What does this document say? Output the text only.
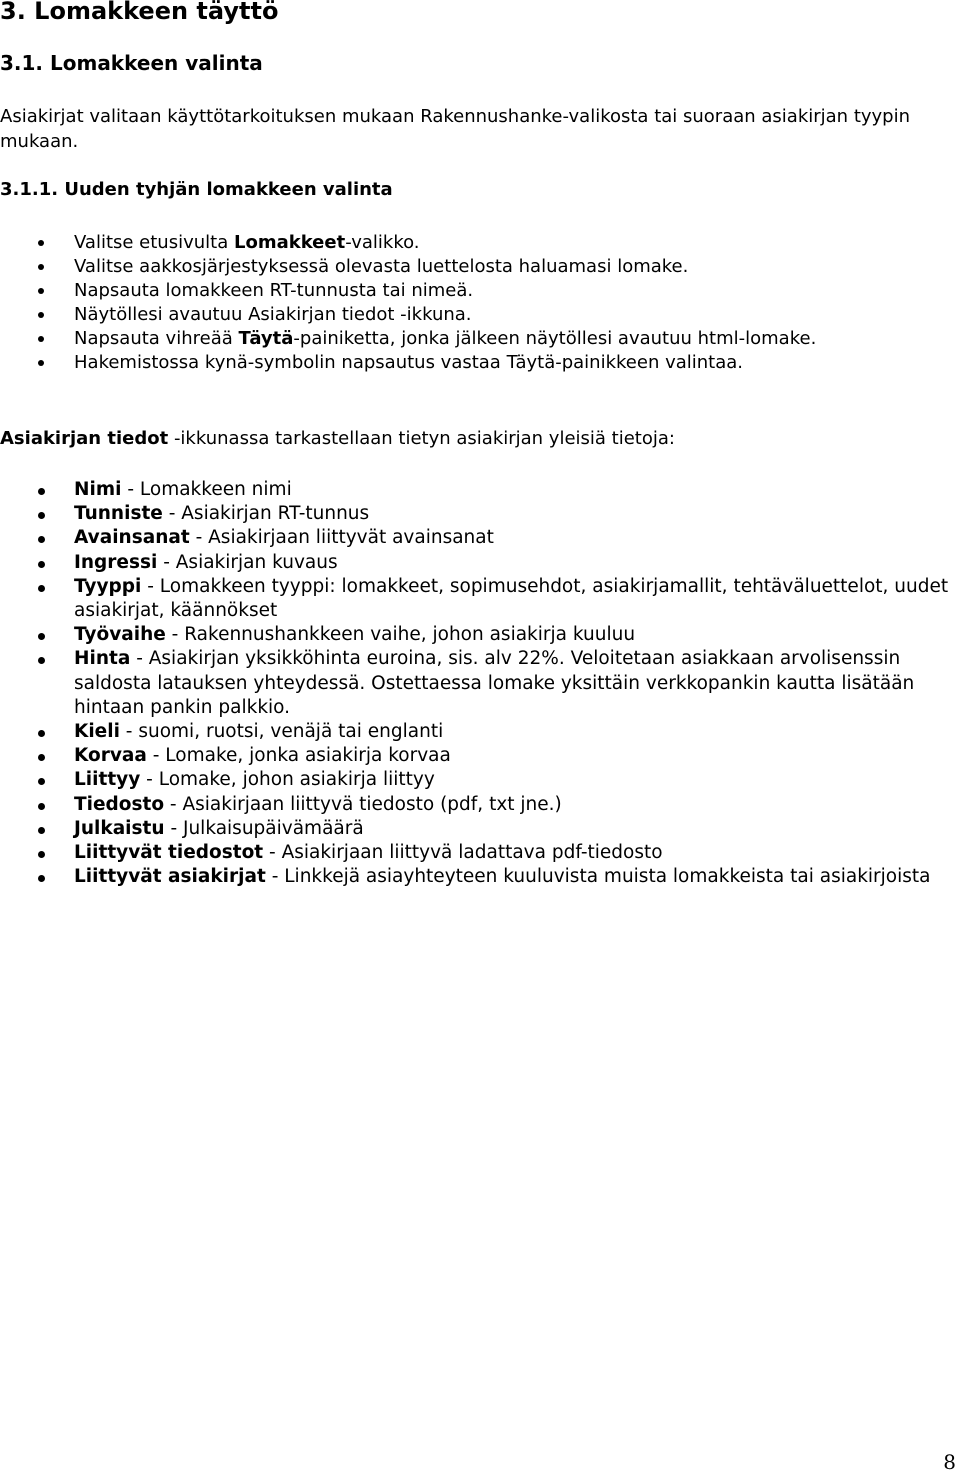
3. Lomakkeen täyttö
3.1. Lomakkeen valinta
Asiakirjat valitaan käyttötarkoituksen mukaan Rakennushanke-valikosta tai suoraan asiakirjan tyypin mukaan.
3.1.1. Uuden tyhjän lomakkeen valinta
Valitse etusivulta Lomakkeet-valikko.
Valitse aakkosjärjestyksessä olevasta luettelosta haluamasi lomake.
Napsauta lomakkeen RT-tunnusta tai nimeä.
Näytöllesi avautuu Asiakirjan tiedot -ikkuna.
Napsauta vihreää Täytä-painiketta, jonka jälkeen näytöllesi avautuu html-lomake.
Hakemistossa kynä-symbolin napsautus vastaa Täytä-painikkeen valintaa.
Asiakirjan tiedot -ikkunassa tarkastellaan tietyn asiakirjan yleisiä tietoja:
Nimi - Lomakkeen nimi
Tunniste - Asiakirjan RT-tunnus
Avainsanat - Asiakirjaan liittyvät avainsanat
Ingressi - Asiakirjan kuvaus
Tyyppi - Lomakkeen tyyppi: lomakkeet, sopimusehdot, asiakirjamallit, tehtäväluettelot, uudet asiakirjat, käännökset
Työvaihe - Rakennushankkeen vaihe, johon asiakirja kuuluu
Hinta - Asiakirjan yksikköhinta euroina, sis. alv 22%. Veloitetaan asiakkaan arvolisenssin saldosta latauksen yhteydessä. Ostettaessa lomake yksittäin verkkopankin kautta lisätään hintaan pankin palkkio.
Kieli - suomi, ruotsi, venäjä tai englanti
Korvaa - Lomake, jonka asiakirja korvaa
Liittyy - Lomake, johon asiakirja liittyy
Tiedosto - Asiakirjaan liittyvä tiedosto (pdf, txt jne.)
Julkaistu - Julkaisupäivämäärä
Liittyvät tiedostot - Asiakirjaan liittyvä ladattava pdf-tiedosto
Liittyvät asiakirjat - Linkkejä asiayhteyteen kuuluvista muista lomakkeista tai asiakirjoista
8
